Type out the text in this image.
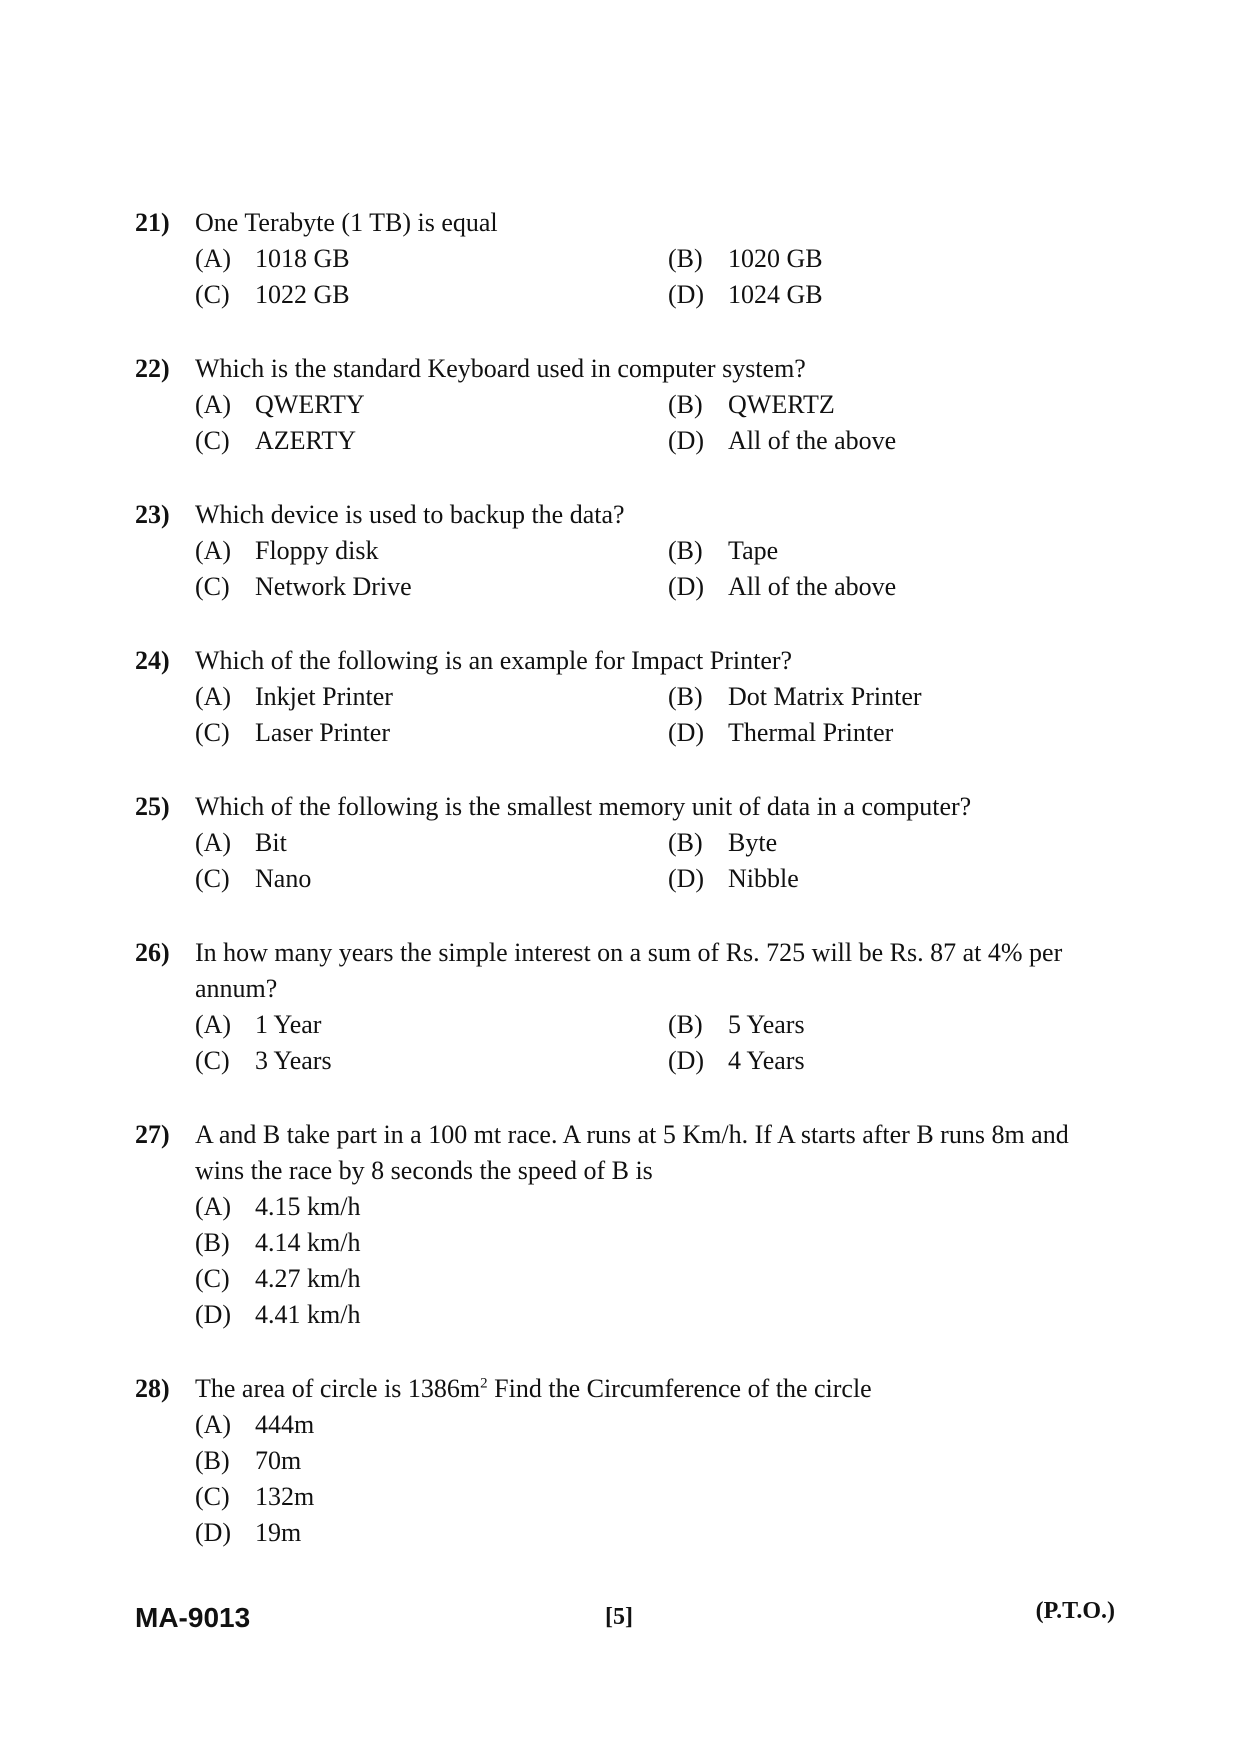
21) One Terabyte (1 TB) is equal
(A) 1018 GB	(B) 1020 GB
(C) 1022 GB	(D) 1024 GB
22) Which is the standard Keyboard used in computer system?
(A) QWERTY	(B) QWERTZ
(C) AZERTY	(D) All of the above
23) Which device is used to backup the data?
(A) Floppy disk	(B) Tape
(C) Network Drive	(D) All of the above
24) Which of the following is an example for Impact Printer?
(A) Inkjet Printer	(B) Dot Matrix Printer
(C) Laser Printer	(D) Thermal Printer
25) Which of the following is the smallest memory unit of data in a computer?
(A) Bit	(B) Byte
(C) Nano	(D) Nibble
26) In how many years the simple interest on a sum of Rs. 725 will be Rs. 87 at 4% per annum?
(A) 1 Year	(B) 5 Years
(C) 3 Years	(D) 4 Years
27) A and B take part in a 100 mt race. A runs at 5 Km/h. If A starts after B runs 8m and wins the race by 8 seconds the speed of B is
(A) 4.15 km/h
(B) 4.14 km/h
(C) 4.27 km/h
(D) 4.41 km/h
28) The area of circle is $1386m^2$ Find the Circumference of the circle
(A) 444m
(B) 70m
(C) 132m
(D) 19m
MA-9013	[5]	(P.T.O.)
